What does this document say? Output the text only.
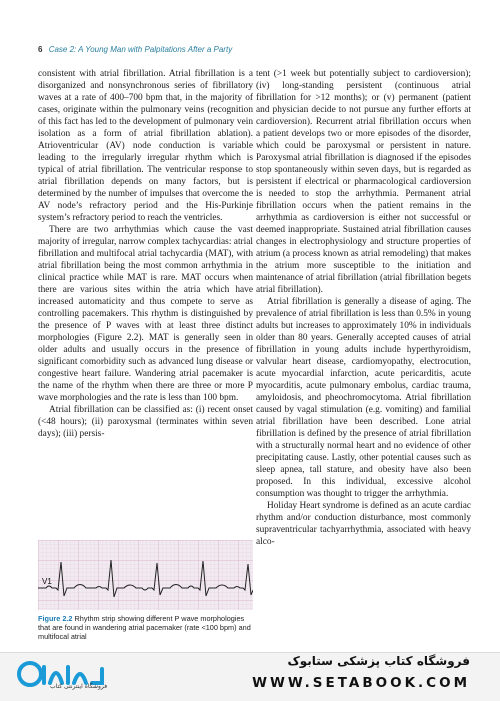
6 Case 2: A Young Man with Palpitations After a Party

consistent with atrial fibrillation. Atrial fibrillation is a disorganized and nonsynchronous series of fibrillatory waves at a rate of 400–700 bpm that, in the majority of cases, originate within the pulmonary veins (recognition of this fact has led to the development of pulmonary vein isolation as a form of atrial fibrillation ablation). Atrioventricular (AV) node conduction is variable leading to the irregularly irregular rhythm which is typical of atrial fibrillation. The ventricular response to atrial fibrillation depends on many factors, but is determined by the number of impulses that overcome the AV node’s refractory period and the His-Purkinje system’s refractory period to reach the ventricles.

There are two arrhythmias which cause the vast majority of irregular, narrow complex tachycardias: atrial fibrillation and multifocal atrial tachycardia (MAT), with atrial fibrillation being the most common arrhythmia in clinical practice while MAT is rare. MAT occurs when there are various sites within the atria which have increased automaticity and thus compete to serve as controlling pacemakers. This rhythm is distinguished by the presence of P waves with at least three distinct morphologies (Figure 2.2). MAT is generally seen in older adults and usually occurs in the presence of significant comorbidity such as advanced lung disease or congestive heart failure. Wandering atrial pacemaker is the name of the rhythm when there are three or more P wave morphologies and the rate is less than 100 bpm.

Atrial fibrillation can be classified as: (i) recent onset (<48 hours); (ii) paroxysmal (terminates within seven days); (iii) persis-

tent (>1 week but potentially subject to cardioversion); (iv) long-standing persistent (continuous atrial fibrillation for >12 months); or (v) permanent (patient and physician decide to not pursue any further efforts at cardioversion). Recurrent atrial fibrillation occurs when a patient develops two or more episodes of the disorder, which could be paroxysmal or persistent in nature. Paroxysmal atrial fibrillation is diagnosed if the episodes stop spontaneously within seven days, but is regarded as persistent if electrical or pharmacological cardioversion is needed to stop the arrhythmia. Permanent atrial fibrillation occurs when the patient remains in the arrhythmia as cardioversion is either not successful or deemed inappropriate. Sustained atrial fibrillation causes changes in electrophysiology and structure properties of atrium (a process known as atrial remodeling) that makes the atrium more susceptible to the initiation and maintenance of atrial fibrillation (atrial fibrillation begets atrial fibrillation).

Atrial fibrillation is generally a disease of aging. The prevalence of atrial fibrillation is less than 0.5% in young adults but increases to approximately 10% in individuals older than 80 years. Generally accepted causes of atrial fibrillation in young adults include hyperthyroidism, valvular heart disease, cardiomyopathy, electrocution, acute myocardial infarction, acute pericarditis, acute myocarditis, acute pulmonary embolus, cardiac trauma, amyloidosis, and pheochromocytoma. Atrial fibrillation caused by vagal stimulation (e.g. vomiting) and familial atrial fibrillation have been described. Lone atrial fibrillation is defined by the presence of atrial fibrillation with a structurally normal heart and no evidence of other precipitating cause. Lastly, other potential causes such as sleep apnea, tall stature, and obesity have also been proposed. In this individual, excessive alcohol consumption was thought to trigger the arrhythmia.

Holiday Heart syndrome is defined as an acute cardiac rhythm and/or conduction disturbance, most commonly supraventricular tachyarrhythmia, associated with heavy alco-

V1
Figure 2.2 Rhythm strip showing different P wave morphologies that are found in wandering atrial pacemaker (rate <100 bpm) and multifocal atrial
فروشگاه اینترنتی کتاب
فروشگاه کتاب پزشکی ستابوک
WWW.SETABOOK.COM
